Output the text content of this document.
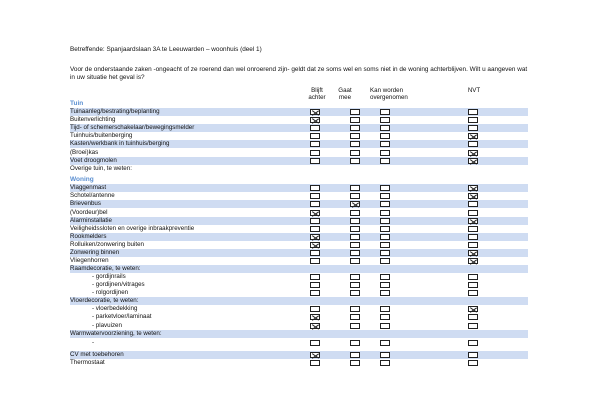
Betreffende: Spanjaardslaan 3A te Leeuwarden – woonhuis (deel 1)
Voor de onderstaande zaken -ongeacht of ze roerend dan wel onroerend zijn- geldt dat ze soms wel en soms niet in de woning achterblijven. Wilt u aangeven wat in uw situatie het geval is?
Blijft achter
Gaat mee
Kan worden overgenomen
NVT
Tuin
Woning
Tuinaanleg/bestrating/beplanting
Buitenverlichting
Tijd- of schemerschakelaar/bewegingsmelder
Tuinhuis/buitenberging
Kasten/werkbank in tuinhuis/berging
(Broei)kas
Voet droogmolen
Overige tuin, te weten:
Vlaggenmast
Schotel/antenne
Brievenbus
(Voordeur)bel
Alarminstallatie
Veiligheidssloten en overige inbraakpreventie
Rookmelders
Rolluiken/zonwering buiten
Zonwering binnen
Vliegenhorren
Raamdecoratie, te weten:
- gordijnrails
- gordijnen/vitrages
- rolgordijnen
Vloerdecoratie, te weten:
- vloerbedekking
- parketvloer/laminaat
- plavuizen
Warmwatervoorziening, te weten:
-
CV met toebehoren
Thermostaat
